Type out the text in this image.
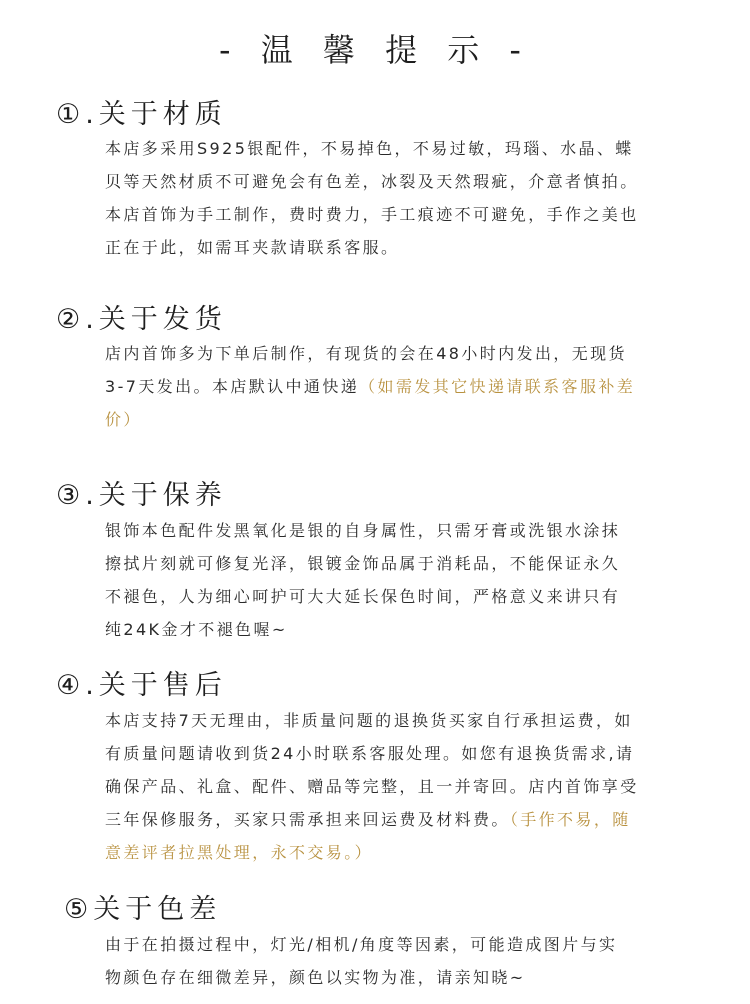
- 温 馨 提 示 -
①.关于材质
本店多采用S925银配件，不易掉色，不易过敏，玛瑙、水晶、蝶
贝等天然材质不可避免会有色差，冰裂及天然瑕疵，介意者慎拍。
本店首饰为手工制作，费时费力，手工痕迹不可避免，手作之美也
正在于此，如需耳夹款请联系客服。
②.关于发货
店内首饰多为下单后制作，有现货的会在48小时内发出，无现货
3-7天发出。本店默认中通快递（如需发其它快递请联系客服补差
价）
③.关于保养
银饰本色配件发黑氧化是银的自身属性，只需牙膏或洗银水涂抹
擦拭片刻就可修复光泽，银镀金饰品属于消耗品，不能保证永久
不褪色，人为细心呵护可大大延长保色时间，严格意义来讲只有
纯24K金才不褪色喔~
④.关于售后
本店支持7天无理由，非质量问题的退换货买家自行承担运费，如
有质量问题请收到货24小时联系客服处理。如您有退换货需求,请
确保产品、礼盒、配件、赠品等完整，且一并寄回。店内首饰享受
三年保修服务，买家只需承担来回运费及材料费。（手作不易，随
意差评者拉黑处理，永不交易。）
⑤关于色差
由于在拍摄过程中，灯光/相机/角度等因素，可能造成图片与实
物颜色存在细微差异，颜色以实物为准，请亲知晓~
